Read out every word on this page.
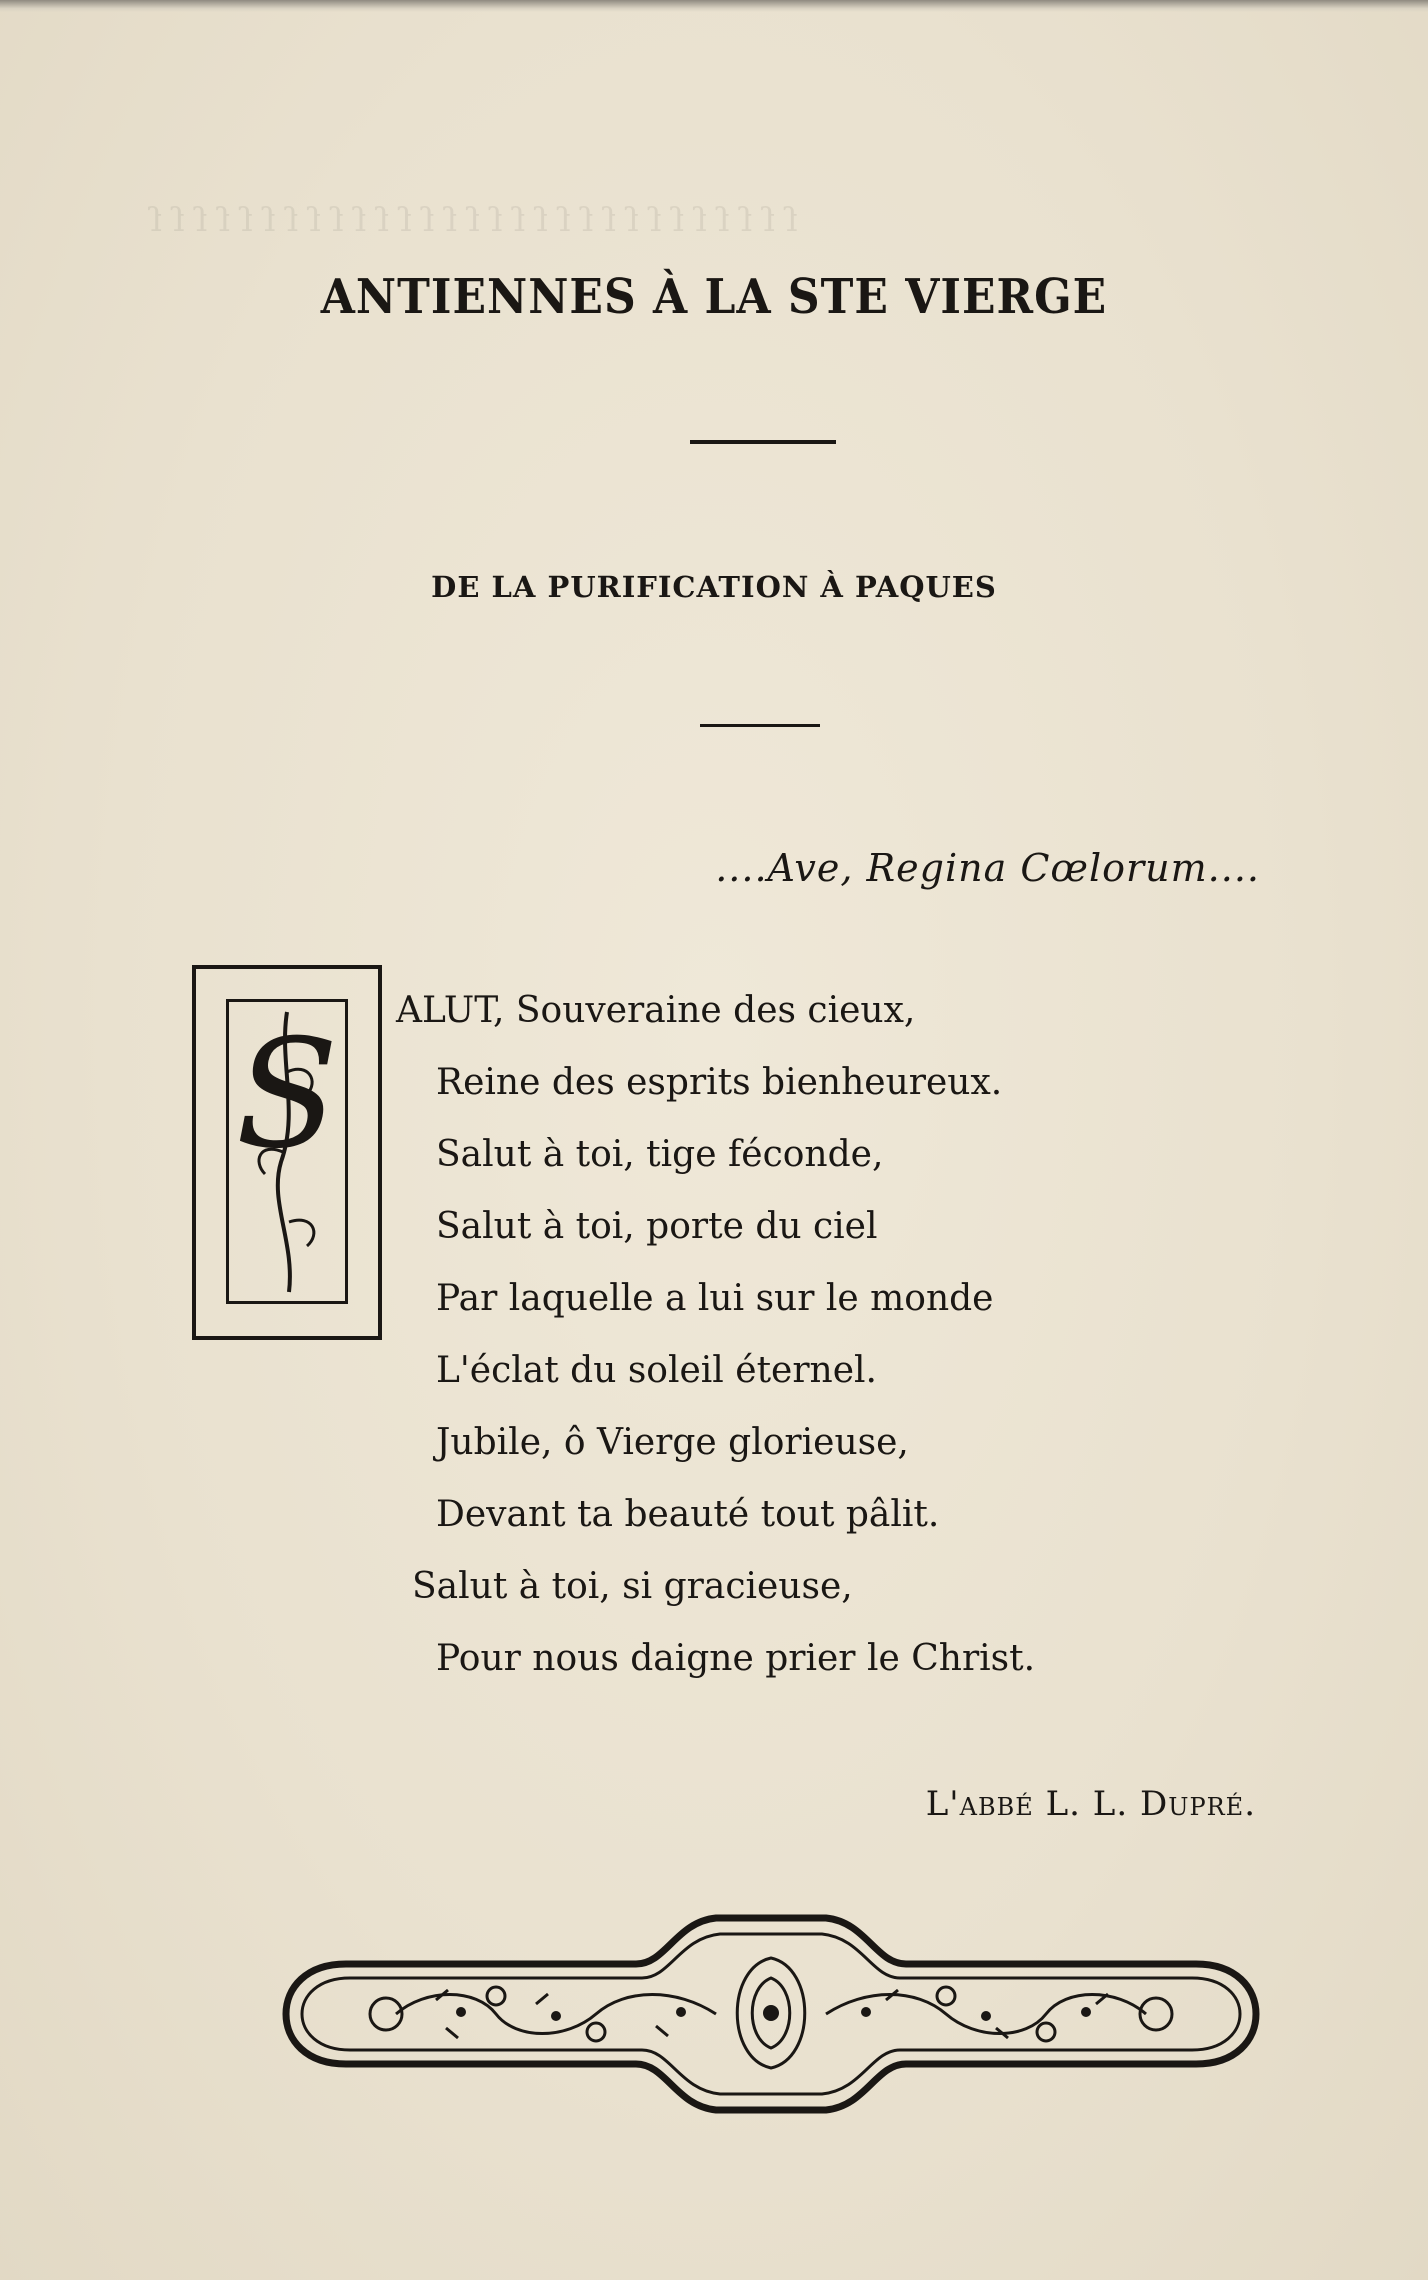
ſ ſ ſ ſ ſ ſ ſ ſ ſ ſ ſ ſ ſ ſ ſ ſ ſ ſ ſ ſ ſ ſ ſ ſ ſ ſ ſ ſ ſ
ANTIENNES À LA STE VIERGE
DE LA PURIFICATION À PAQUES
....Ave, Regina Cœlorum....
S ALUT, Souveraine des cieux,
Reine des esprits bienheureux.
Salut à toi, tige féconde,
Salut à toi, porte du ciel
Par laquelle a lui sur le monde
L'éclat du soleil éternel.
Jubile, ô Vierge glorieuse,
Devant ta beauté tout pâlit.
Salut à toi, si gracieuse,
Pour nous daigne prier le Christ.
L'abbé L. L. Dupré.
